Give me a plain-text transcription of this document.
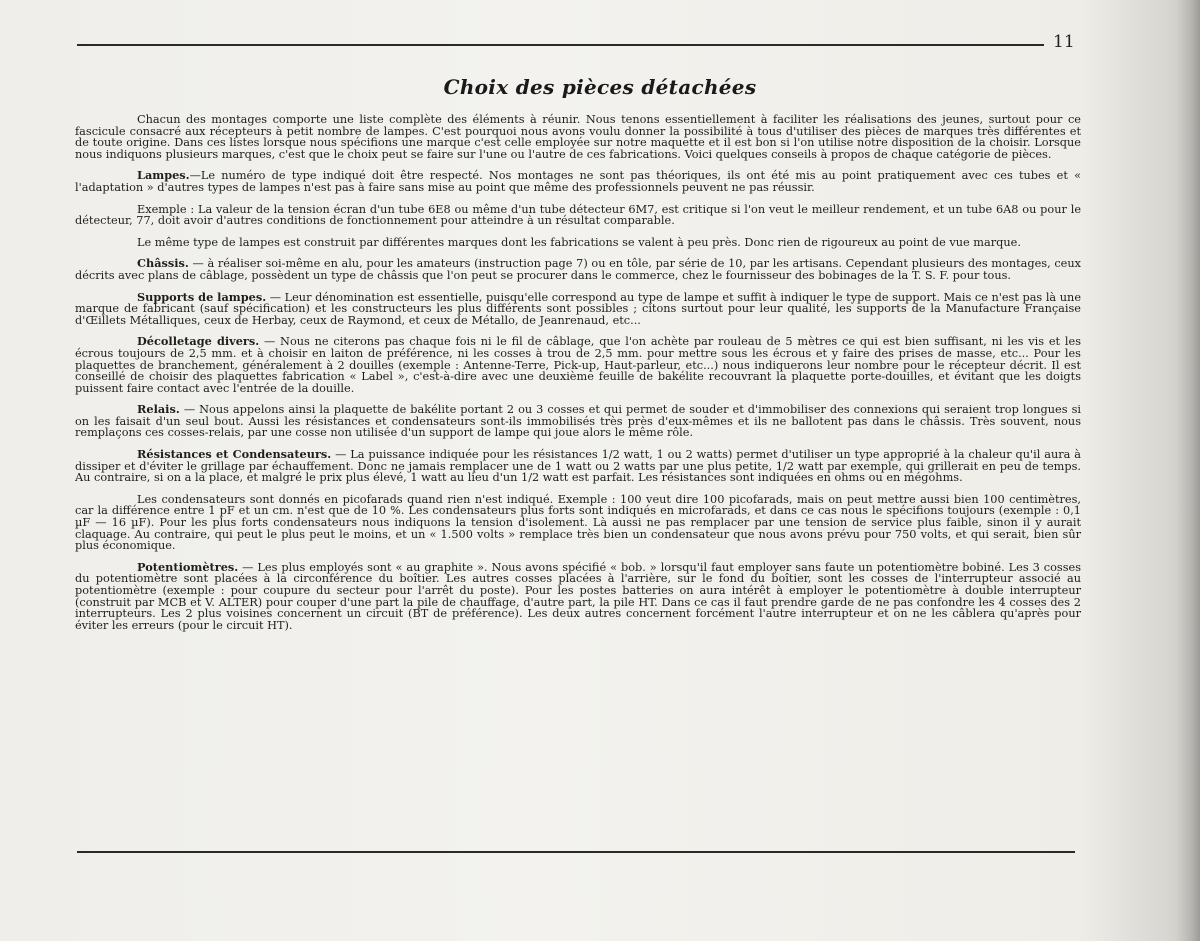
11
Choix des pièces détachées

Chacun des montages comporte une liste complète des éléments à réunir. Nous tenons essentiellement à faciliter les réalisations des jeunes, surtout pour ce fascicule consacré aux récepteurs à petit nombre de lampes. C'est pourquoi nous avons voulu donner la possibilité à tous d'utiliser des pièces de marques très différentes et de toute origine. Dans ces listes lorsque nous spécifions une marque c'est celle employée sur notre maquette et il est bon si l'on utilise notre disposition de la choisir. Lorsque nous indiquons plusieurs marques, c'est que le choix peut se faire sur l'une ou l'autre de ces fabrications. Voici quelques conseils à propos de chaque catégorie de pièces.

Lampes.—Le numéro de type indiqué doit être respecté. Nos montages ne sont pas théoriques, ils ont été mis au point pratiquement avec ces tubes et « l'adaptation » d'autres types de lampes n'est pas à faire sans mise au point que même des professionnels peuvent ne pas réussir.

Exemple : La valeur de la tension écran d'un tube 6E8 ou même d'un tube détecteur 6M7, est critique si l'on veut le meilleur rendement, et un tube 6A8 ou pour le détecteur, 77, doit avoir d'autres conditions de fonctionnement pour atteindre à un résultat comparable.

Le même type de lampes est construit par différentes marques dont les fabrications se valent à peu près. Donc rien de rigoureux au point de vue marque.

Châssis. — à réaliser soi-même en alu, pour les amateurs (instruction page 7) ou en tôle, par série de 10, par les artisans. Cependant plusieurs des montages, ceux décrits avec plans de câblage, possèdent un type de châssis que l'on peut se procurer dans le commerce, chez le fournisseur des bobinages de la T. S. F. pour tous.

Supports de lampes. — Leur dénomination est essentielle, puisqu'elle correspond au type de lampe et suffit à indiquer le type de support. Mais ce n'est pas là une marque de fabricant (sauf spécification) et les constructeurs les plus différents sont possibles ; citons surtout pour leur qualité, les supports de la Manufacture Française d'Œillets Métalliques, ceux de Herbay, ceux de Raymond, et ceux de Métallo, de Jeanrenaud, etc...

Décolletage divers. — Nous ne citerons pas chaque fois ni le fil de câblage, que l'on achète par rouleau de 5 mètres ce qui est bien suffisant, ni les vis et les écrous toujours de 2,5 mm. et à choisir en laiton de préférence, ni les cosses à trou de 2,5 mm. pour mettre sous les écrous et y faire des prises de masse, etc... Pour les plaquettes de branchement, généralement à 2 douilles (exemple : Antenne-Terre, Pick-up, Haut-parleur, etc...) nous indiquerons leur nombre pour le récepteur décrit. Il est conseillé de choisir des plaquettes fabrication « Label », c'est-à-dire avec une deuxième feuille de bakélite recouvrant la plaquette porte-douilles, et évitant que les doigts puissent faire contact avec l'entrée de la douille.

Relais. — Nous appelons ainsi la plaquette de bakélite portant 2 ou 3 cosses et qui permet de souder et d'immobiliser des connexions qui seraient trop longues si on les faisait d'un seul bout. Aussi les résistances et condensateurs sont-ils immobilisés très près d'eux-mêmes et ils ne ballotent pas dans le châssis. Très souvent, nous remplaçons ces cosses-relais, par une cosse non utilisée d'un support de lampe qui joue alors le même rôle.

Résistances et Condensateurs. — La puissance indiquée pour les résistances 1/2 watt, 1 ou 2 watts) permet d'utiliser un type approprié à la chaleur qu'il aura à dissiper et d'éviter le grillage par échauffement. Donc ne jamais remplacer une de 1 watt ou 2 watts par une plus petite, 1/2 watt par exemple, qui grillerait en peu de temps. Au contraire, si on a la place, et malgré le prix plus élevé, 1 watt au lieu d'un 1/2 watt est parfait. Les résistances sont indiquées en ohms ou en mégohms.

Les condensateurs sont donnés en picofarads quand rien n'est indiqué. Exemple : 100 veut dire 100 picofarads, mais on peut mettre aussi bien 100 centimètres, car la différence entre 1 pF et un cm. n'est que de 10 %. Les condensateurs plus forts sont indiqués en microfarads, et dans ce cas nous le spécifions toujours (exemple : 0,1 µF — 16 µF). Pour les plus forts condensateurs nous indiquons la tension d'isolement. Là aussi ne pas remplacer par une tension de service plus faible, sinon il y aurait claquage. Au contraire, qui peut le plus peut le moins, et un « 1.500 volts » remplace très bien un condensateur que nous avons prévu pour 750 volts, et qui serait, bien sûr plus économique.

Potentiomètres. — Les plus employés sont « au graphite ». Nous avons spécifié « bob. » lorsqu'il faut employer sans faute un potentiomètre bobiné. Les 3 cosses du potentiomètre sont placées à la circonférence du boîtier. Les autres cosses placées à l'arrière, sur le fond du boîtier, sont les cosses de l'interrupteur associé au potentiomètre (exemple : pour coupure du secteur pour l'arrêt du poste). Pour les postes batteries on aura intérêt à employer le potentiomètre à double interrupteur (construit par MCB et V. ALTER) pour couper d'une part la pile de chauffage, d'autre part, la pile HT. Dans ce cas il faut prendre garde de ne pas confondre les 4 cosses des 2 interrupteurs. Les 2 plus voisines concernent un circuit (BT de préférence). Les deux autres concernent forcément l'autre interrupteur et on ne les câblera qu'après pour éviter les erreurs (pour le circuit HT).
